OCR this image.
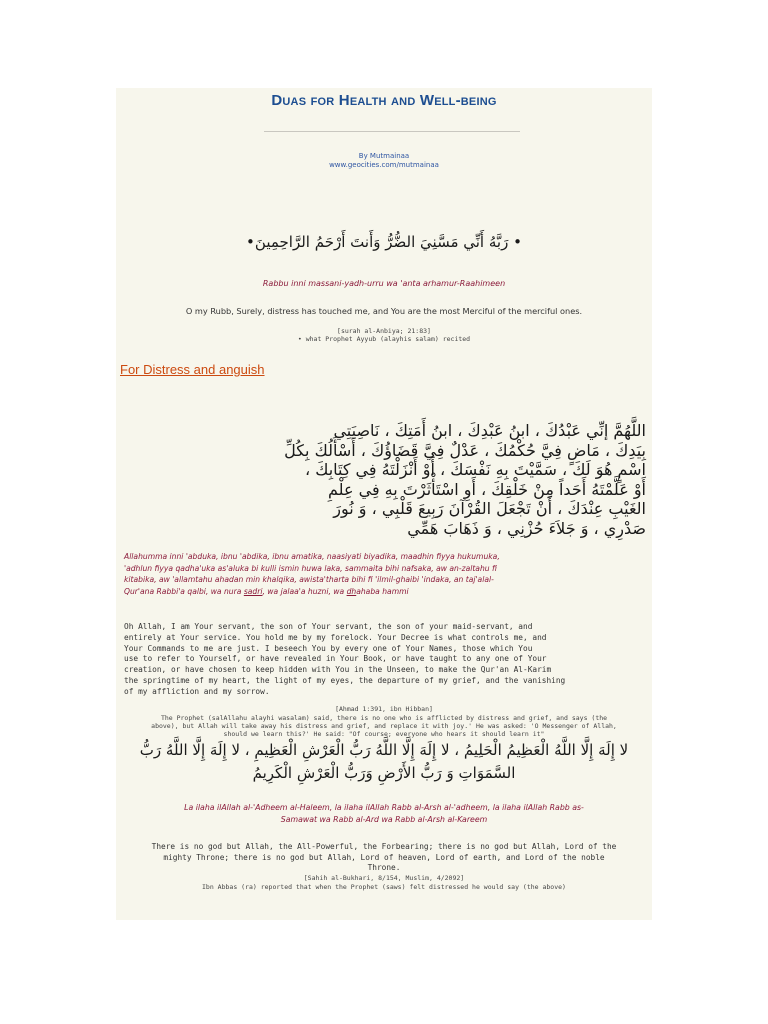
Duas for Health and Well-being
By Mutmainaa
www.geocities.com/mutmainaa
• رَبَّهُ أَنِّي مَسَّنِيَ الضُّرُّ وَأَنتَ أَرْحَمُ الرَّاحِمِينَ•
Rabbu inni massani-yadh-urru wa 'anta arhamur-Raahimeen
O my Rubb, Surely, distress has touched me, and You are the most Merciful of the merciful ones.
[surah al-Anbiya; 21:83]
• what Prophet Ayyub (alayhis salam) recited
For Distress and anguish
اللَّهُمَّ إنِّي عَبْدُكَ ، ابنُ عَبْدِكَ ، ابنُ أَمَتِكَ ، نَاصِيَتِي
بِيَدِكَ ، مَاضٍ فِيَّ حُكْمُكَ ، عَدْلٌ فِيَّ قَضَاؤُكَ ، أَسْأَلُكَ بِكُلِّ
اسْمٍ هُوَ لَكَ ، سَمَّيْتَ بِهِ نَفْسَكَ ، أَوْ أَنْزَلْتَهُ فِي كِتَابِكَ ،
أَوْ عَلَّمْتَهُ أَحَداً مِنْ خَلْقِكَ ، أَوِ اسْتَأْثَرْتَ بِهِ فِي عِلْمِ
الغَيْبِ عِنْدَكَ ، أَنْ تَجْعَلَ القُرْآنَ رَبِيعَ قَلْبِي ، وَ نُورَ
صَدْرِي ، وَ جَلاَءَ حُزْنِي ، وَ ذَهَابَ هَمِّي
Allahumma inni 'abduka, ibnu 'abdika, ibnu amatika, naasiyati biyadika, maadhin fiyya hukumuka,
'adhlun fiyya qadha'uka as'aluka bi kulli ismin huwa laka, sammaita bihi nafsaka, aw an-zaltahu fi
kitabika, aw 'allamtahu ahadan min khalqika, awista'tharta bihi fi 'ilmil-ghaibi 'indaka, an taj'alal-
Qur'ana Rabbi'a qalbi, wa nura sadri, wa jalaa'a huzni, wa dhahaba hammi
Oh Allah, I am Your servant, the son of Your servant, the son of your maid-servant, and
entirely at Your service. You hold me by my forelock. Your Decree is what controls me, and
Your Commands to me are just. I beseech You by every one of Your Names, those which You
use to refer to Yourself, or have revealed in Your Book, or have taught to any one of Your
creation, or have chosen to keep hidden with You in the Unseen, to make the Qur'an Al-Karim
the springtime of my heart, the light of my eyes, the departure of my grief, and the vanishing
of my affliction and my sorrow.
[Ahmad 1:391, ibn Hibban]
The Prophet (salAllahu alayhi wasalam) said, there is no one who is afflicted by distress and grief, and says (the
above), but Allah will take away his distress and grief, and replace it with joy.' He was asked: 'O Messenger of Allah,
should we learn this?' He said: "Of course; everyone who hears it should learn it"
لا إِلَهَ إِلَّا اللَّهُ الْعَظِيمُ الْحَلِيمُ ، لا إِلَهَ إِلَّا اللَّهُ رَبُّ الْعَرْشِ الْعَظِيمِ ، لا إِلَهَ إِلَّا اللَّهُ رَبُّ
السَّمَوَاتِ وَ رَبُّ الأَرْضِ وَرَبُّ الْعَرْشِ الْكَرِيمُ
La ilaha ilAllah al-'Adheem al-Haleem, la ilaha ilAllah Rabb al-Arsh al-'adheem, la ilaha ilAllah Rabb as-
Samawat wa Rabb al-Ard wa Rabb al-Arsh al-Kareem
There is no god but Allah, the All-Powerful, the Forbearing; there is no god but Allah, Lord of the
mighty Throne; there is no god but Allah, Lord of heaven, Lord of earth, and Lord of the noble
Throne.
[Sahih al-Bukhari, 8/154, Muslim, 4/2092]
Ibn Abbas (ra) reported that when the Prophet (saws) felt distressed he would say (the above)
